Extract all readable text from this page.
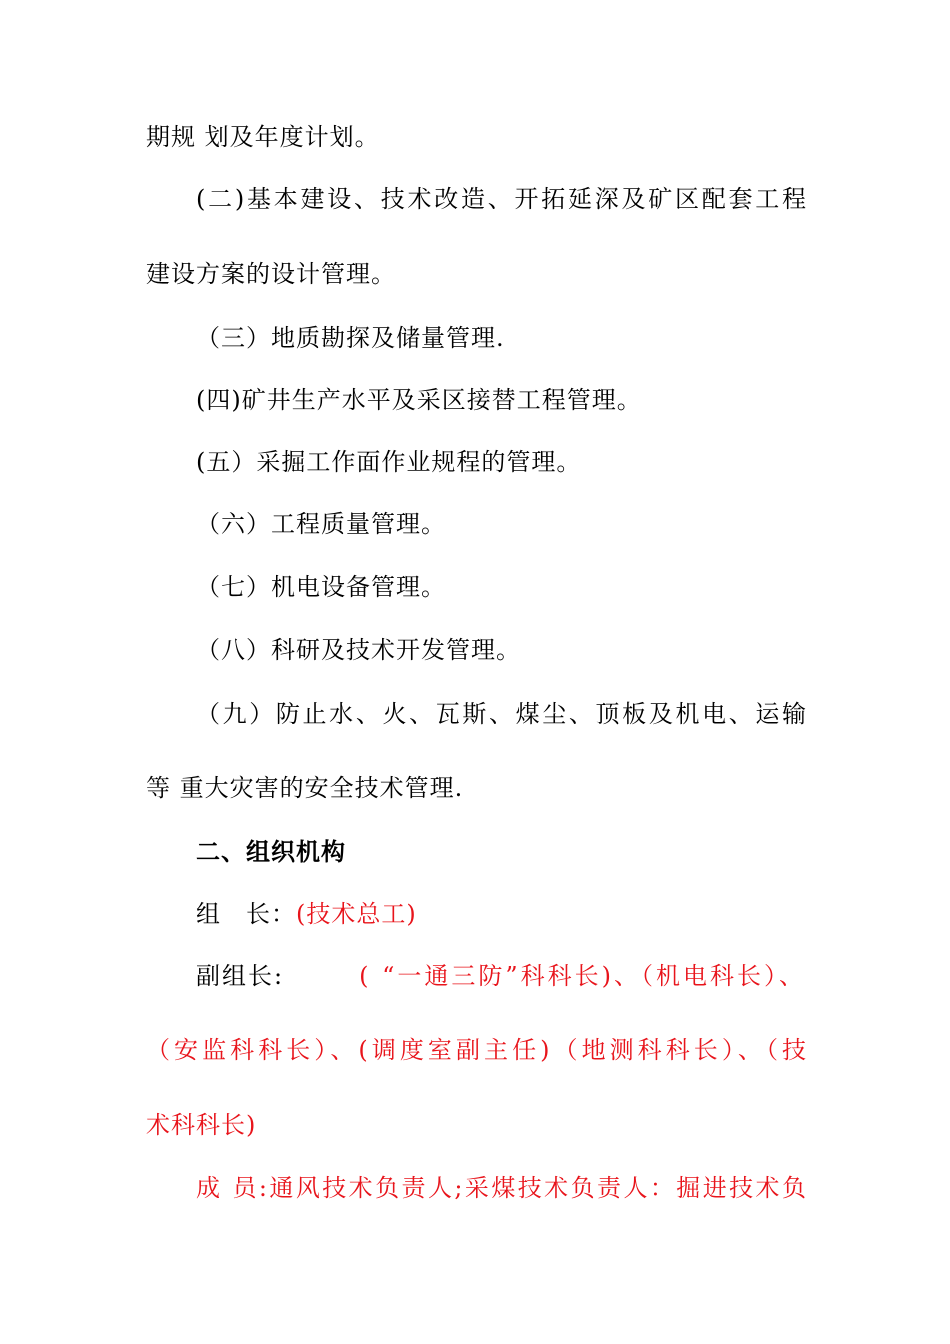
期规 划及年度计划。
(二)基本建设、技术改造、开拓延深及矿区配套工程
建设方案的设计管理。
（三）地质勘探及储量管理.
(四)矿井生产水平及采区接替工程管理。
(五）采掘工作面作业规程的管理。
（六）工程质量管理。
（七）机电设备管理。
（八）科研及技术开发管理。
（九）防止水、火、瓦斯、煤尘、顶板及机电、运输
等 重大灾害的安全技术管理.
二、组织机构
组　长：(技术总工)
副组长:	( “一通三防”科科长)、（机电科长）、
（安监科科长）、(调度室副主任)（地测科科长）、（技
术科科长)
成 员:通风技术负责人;采煤技术负责人：掘进技术负
